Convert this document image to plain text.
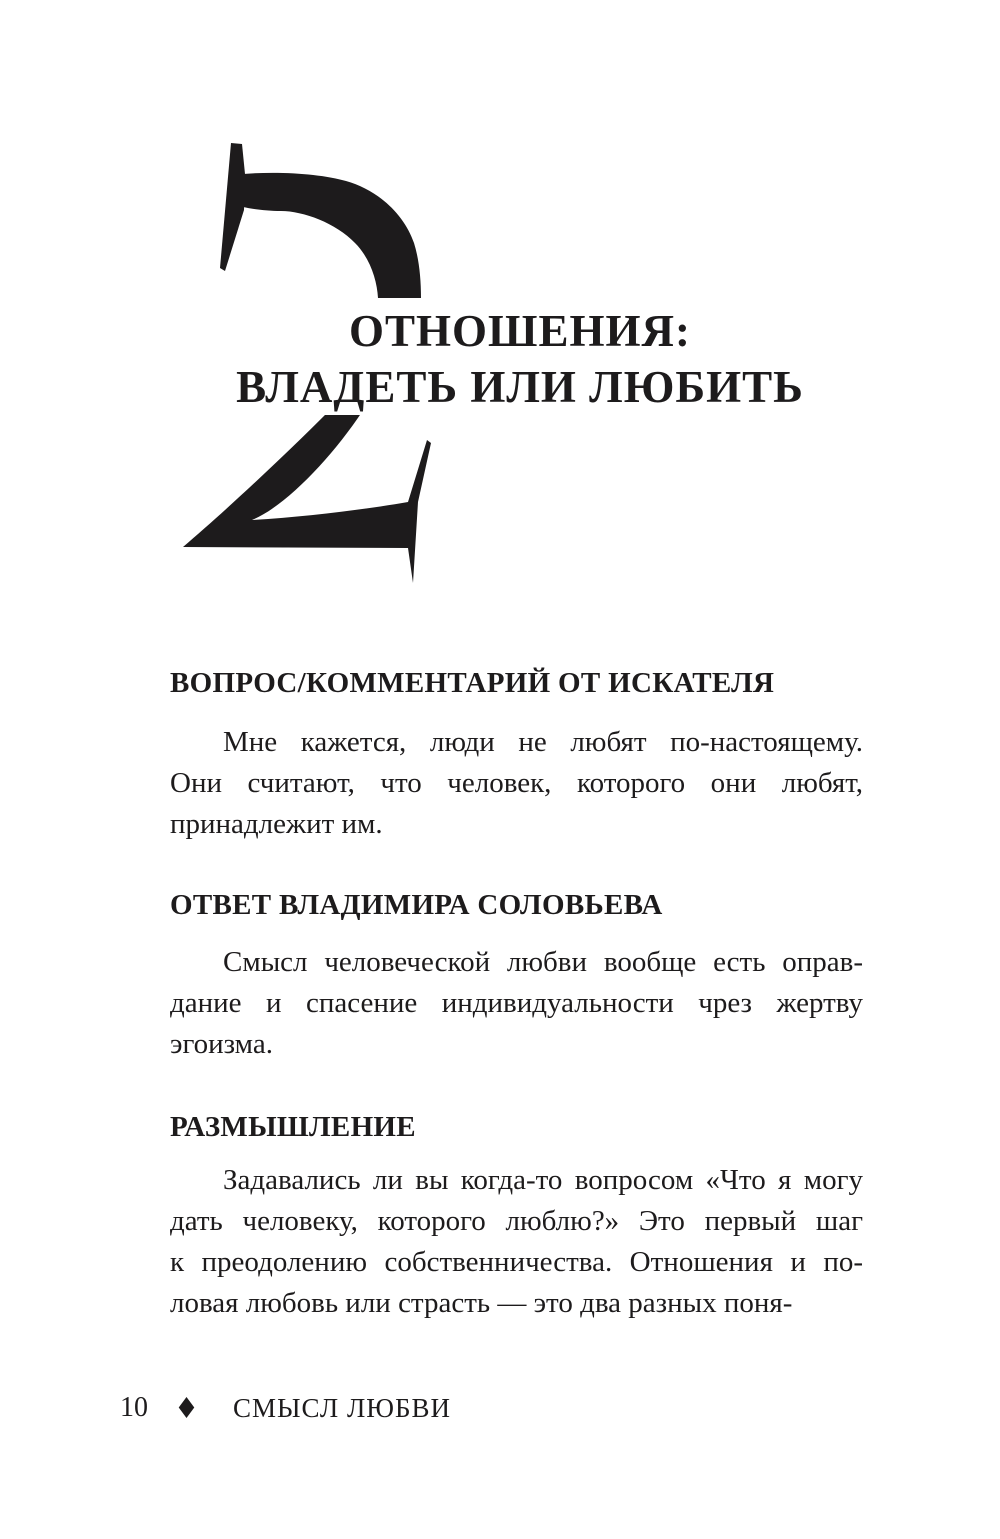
ОТНОШЕНИЯ:
ВЛАДЕТЬ ИЛИ ЛЮБИТЬ
ВОПРОС/КОММЕНТАРИЙ ОТ ИСКАТЕЛЯ
Мне кажется, люди не любят по-настоящему.
Они считают, что человек, которого они любят,
принадлежит им.
ОТВЕТ ВЛАДИМИРА СОЛОВЬЕВА
Смысл человеческой любви вообще есть оправ-
дание и спасение индивидуальности чрез жертву
эгоизма.
РАЗМЫШЛЕНИЕ
Задавались ли вы когда-то вопросом «Что я могу
дать человеку, которого люблю?» Это первый шаг
к преодолению собственничества. Отношения и по-
ловая любовь или страсть — это два разных поня-
10	СМЫСЛ ЛЮБВИ
